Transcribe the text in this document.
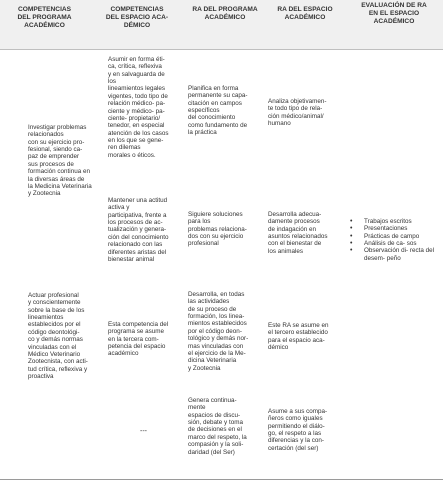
COMPETENCIAS
DEL PROGRAMA
ACADÉMICO
COMPETENCIAS
DEL ESPACIO ACA-
DÉMICO
RA DEL PROGRAMA
ACADÉMICO
RA DEL ESPACIO
ACADÉMICO
EVALUACIÓN DE RA
EN EL ESPACIO
ACADÉMICO
Investigar problemas
relacionados
con su ejercicio pro-
fesional, siendo ca-
paz de emprender
sus procesos de
formación continua en
la diversas áreas de
la Medicina Veterinaria
y Zootecnia
Actuar profesional
y conscientemente
sobre la base de los
lineamientos
establecidos por el
código deontológi-
co y demás normas
vinculadas con el
Médico Veterinario
Zootecnista, con acti-
tud crítica, reflexiva y
proactiva
Asumir en forma éti-
ca, crítica, reflexiva
y en salvaguarda de
los
lineamientos legales
vigentes, todo tipo de
relación médico- pa-
ciente y médico- pa-
ciente- propietario/
tenedor, en especial
atención de los casos
en los que se gene-
ren dilemas
morales o éticos.
Mantener una actitud
activa y
participativa, frente a
los procesos de ac-
tualización y genera-
ción del conocimiento
relacionado con las
diferentes aristas del
bienestar animal
Esta competencia del
programa se asume
en la tercera com-
petencia del espacio
académico
---
Planifica en forma
permanente su capa-
citación en campos
específicos
del conocimiento
como fundamento de
la práctica
Siguiere soluciones
para los
problemas relaciona-
dos con su ejercicio
profesional
Desarrolla, en todas
las actividades
de su proceso de
formación, los linea-
mientos establecidos
por el código deon-
tológico y demás nor-
mas vinculadas con
el ejercicio de la Me-
dicina Veterinaria
y Zootecnia
Genera continua-
mente
espacios de discu-
sión, debate y toma
de decisiones en el
marco del respeto, la
compasión y la soli-
daridad (del Ser)
Analiza objetivamen-
te todo tipo de rela-
ción médico/animal/
humano
Desarrolla adecua-
damente procesos
de indagación en
asuntos relacionados
con el bienestar de
los animales
Este RA se asume en
el tercero establecido
para el espacio aca-
démico
Asume a sus compa-
ñeros como iguales
permitiendo el diálo-
go, el respeto a las
diferencias y la con-
certación (del ser)
• Trabajos escritos
• Presentaciones
• Prácticas de campo
• Análisis de ca- sos
• Observación di- recta del desem- peño
